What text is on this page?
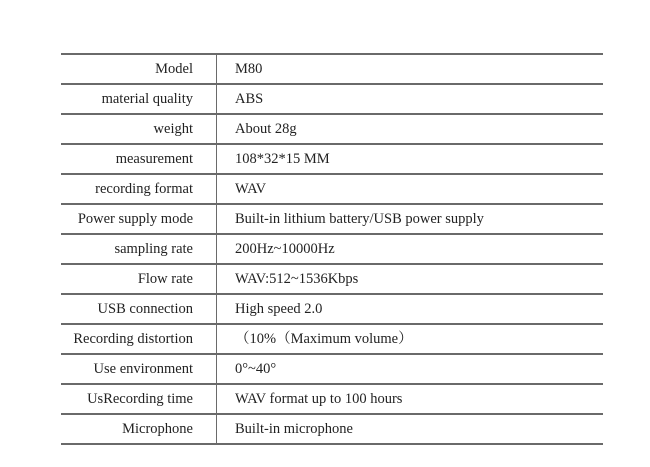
Model	M80
material quality	ABS
weight	About 28g
measurement	108*32*15 MM
recording format	WAV
Power supply mode	Built-in lithium battery/USB power supply
sampling rate	200Hz~10000Hz
Flow rate	WAV:512~1536Kbps
USB connection	High speed 2.0
Recording distortion	（10%（Maximum volume）
Use environment	0°~40°
UsRecording time	WAV format up to 100 hours
Microphone	Built-in microphone
